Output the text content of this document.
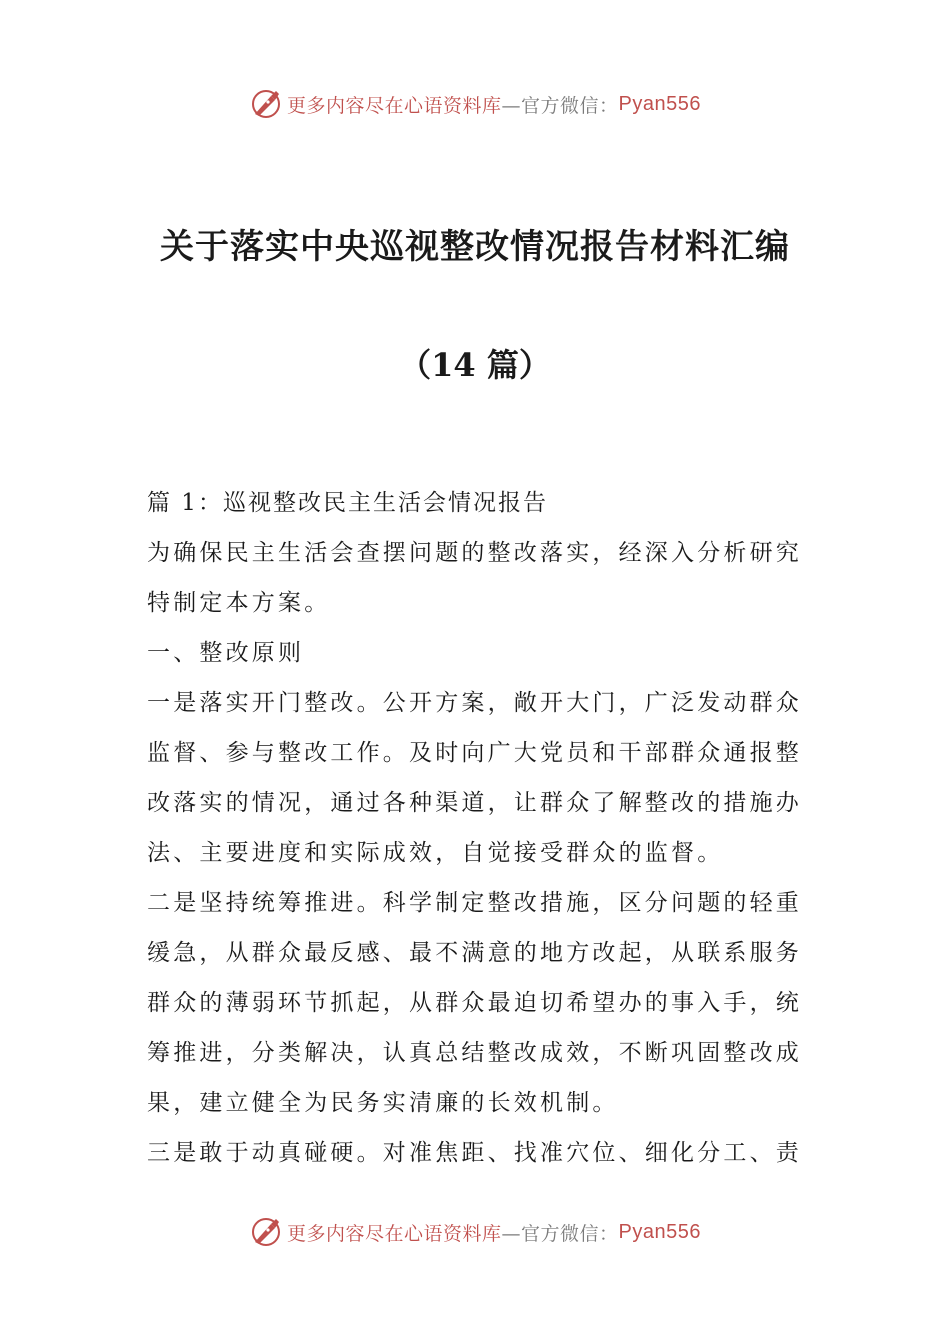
更多内容尽在心语资料库 —官方微信： Pyan556
关于落实中央巡视整改情况报告材料汇编
（14 篇）

篇 1：巡视整改民主生活会情况报告

为确保民主生活会查摆问题的整改落实，经深入分析研究特制定本方案。

一、整改原则

一是落实开门整改。公开方案，敞开大门，广泛发动群众监督、参与整改工作。及时向广大党员和干部群众通报整改落实的情况，通过各种渠道，让群众了解整改的措施办法、主要进度和实际成效，自觉接受群众的监督。

二是坚持统筹推进。科学制定整改措施，区分问题的轻重缓急，从群众最反感、最不满意的地方改起，从联系服务群众的薄弱环节抓起，从群众最迫切希望办的事入手，统筹推进，分类解决，认真总结整改成效，不断巩固整改成果，建立健全为民务实清廉的长效机制。

三是敢于动真碰硬。对准焦距、找准穴位、细化分工、责

更多内容尽在心语资料库 —官方微信： Pyan556
